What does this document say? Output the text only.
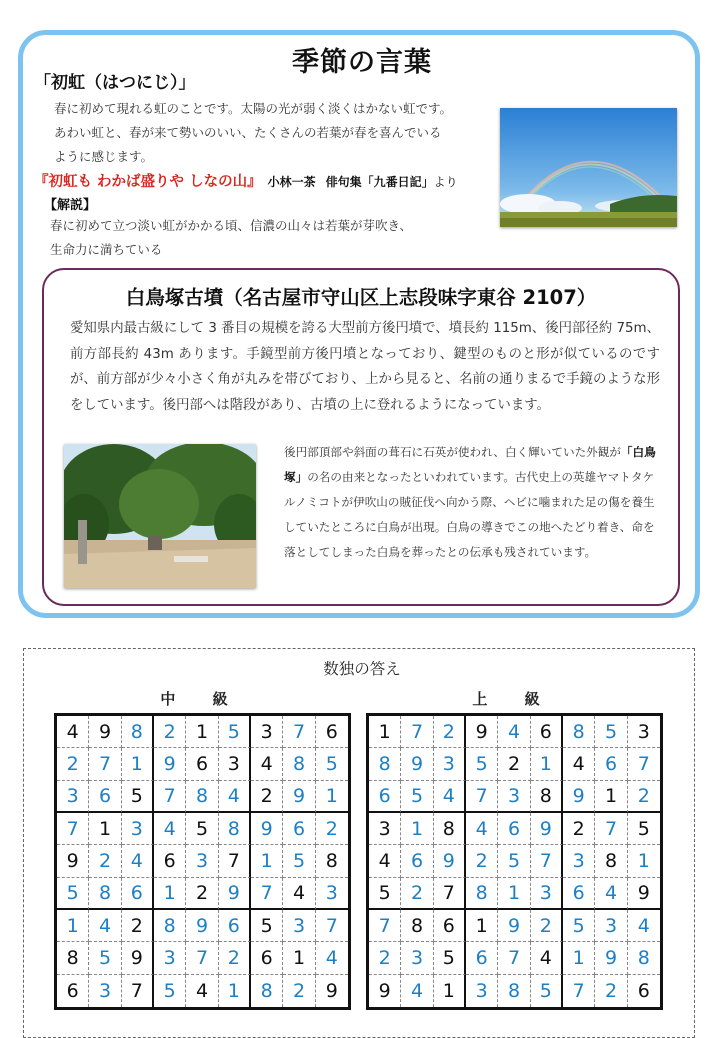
季節の言葉
「初虹（はつにじ）」
春に初めて現れる虹のことです。太陽の光が弱く淡くはかない虹です。
あわい虹と、春が来て勢いのいい、たくさんの若葉が春を喜んでいる
ように感じます。
『初虹も わかば盛りや しなの山』 小林一茶 俳句集「九番日記」より
【解説】
春に初めて立つ淡い虹がかかる頃、信濃の山々は若葉が芽吹き、
生命力に満ちている
白鳥塚古墳（名古屋市守山区上志段味字東谷 2107）
愛知県内最古級にして 3 番目の規模を誇る大型前方後円墳で、墳長約 115m、後円部径約 75m、前方部長約 43m あります。手鏡型前方後円墳となっており、鍵型のものと形が似ているのですが、前方部が少々小さく角が丸みを帯びており、上から見ると、名前の通りまるで手鏡のような形をしています。後円部へは階段があり、古墳の上に登れるようになっています。
後円部頂部や斜面の葺石に石英が使われ、白く輝いていた外観が「白鳥塚」の名の由来となったといわれています。古代史上の英雄ヤマトタケルノミコトが伊吹山の賊征伐へ向かう際、ヘビに噛まれた足の傷を養生していたところに白鳥が出現。白鳥の導きでこの地へたどり着き、命を落としてしまった白鳥を葬ったとの伝承も残されています。
数独の答え
中 級	上 級
4	9	8	2	1	5	3	7	6
2	7	1	9	6	3	4	8	5
3	6	5	7	8	4	2	9	1
7	1	3	4	5	8	9	6	2
9	2	4	6	3	7	1	5	8
5	8	6	1	2	9	7	4	3
1	4	2	8	9	6	5	3	7
8	5	9	3	7	2	6	1	4
6	3	7	5	4	1	8	2	9
1	7	2	9	4	6	8	5	3
8	9	3	5	2	1	4	6	7
6	5	4	7	3	8	9	1	2
3	1	8	4	6	9	2	7	5
4	6	9	2	5	7	3	8	1
5	2	7	8	1	3	6	4	9
7	8	6	1	9	2	5	3	4
2	3	5	6	7	4	1	9	8
9	4	1	3	8	5	7	2	6
